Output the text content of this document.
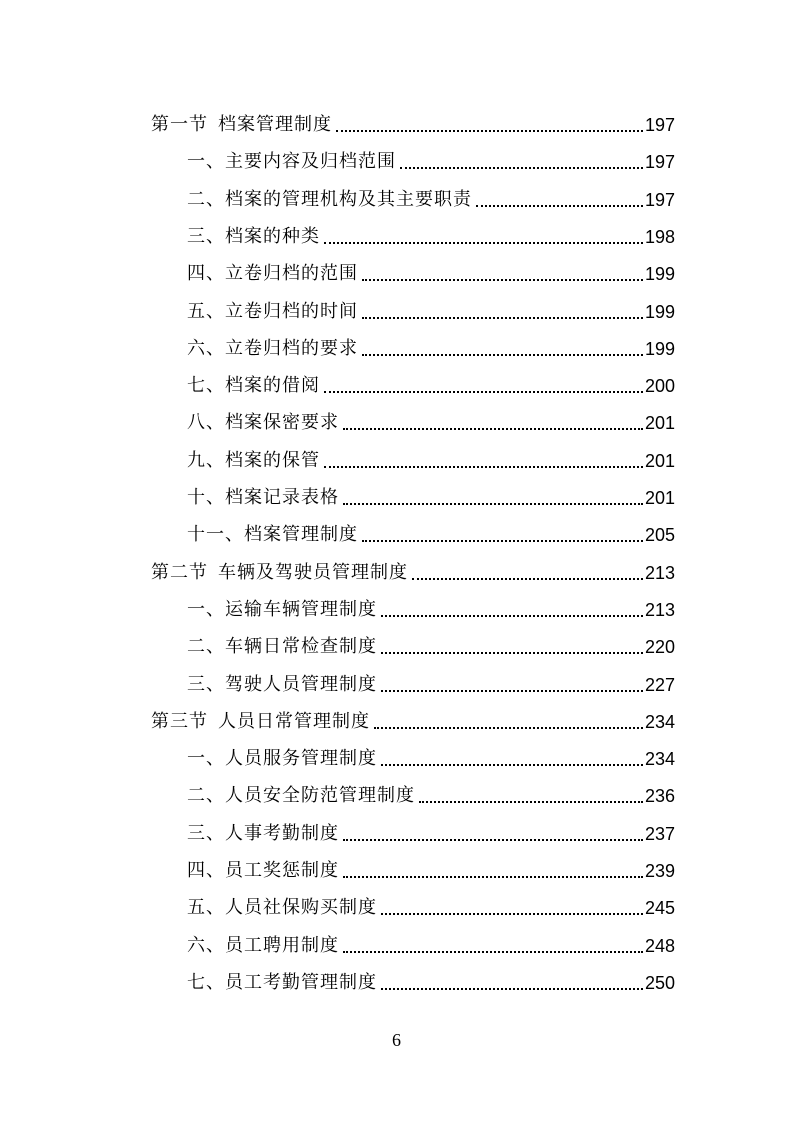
第一节 档案管理制度	197
一、主要内容及归档范围	197
二、档案的管理机构及其主要职责	197
三、档案的种类	198
四、立卷归档的范围	199
五、立卷归档的时间	199
六、立卷归档的要求	199
七、档案的借阅	200
八、档案保密要求	201
九、档案的保管	201
十、档案记录表格	201
十一、档案管理制度	205
第二节 车辆及驾驶员管理制度	213
一、运输车辆管理制度	213
二、车辆日常检查制度	220
三、驾驶人员管理制度	227
第三节 人员日常管理制度	234
一、人员服务管理制度	234
二、人员安全防范管理制度	236
三、人事考勤制度	237
四、员工奖惩制度	239
五、人员社保购买制度	245
六、员工聘用制度	248
七、员工考勤管理制度	250
6
